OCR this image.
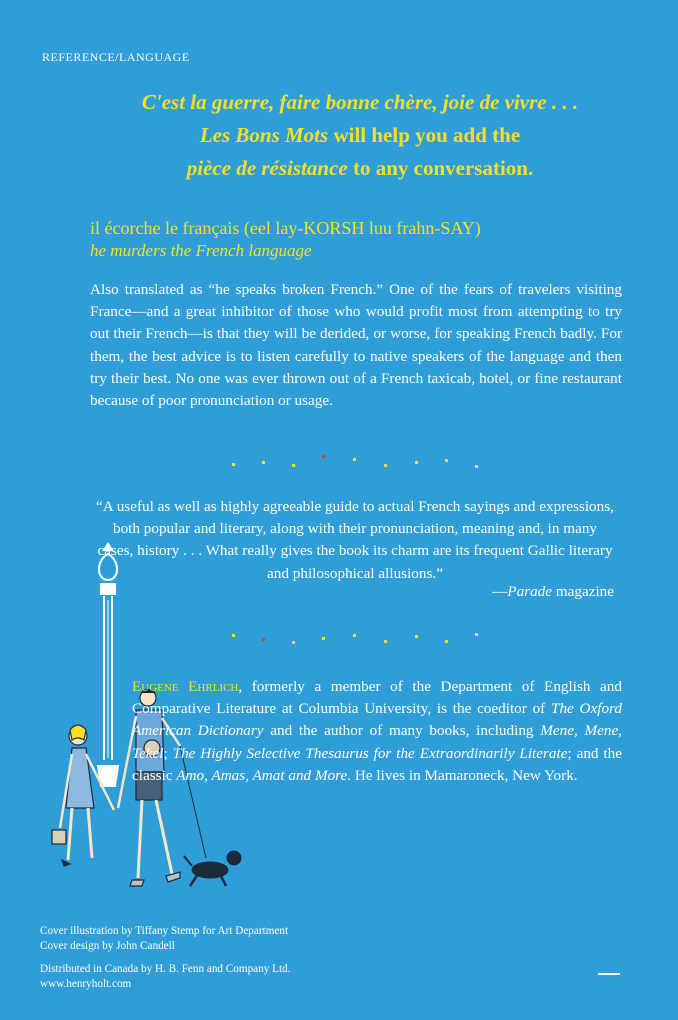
REFERENCE/LANGUAGE
C'est la guerre, faire bonne chère, joie de vivre . . .
Les Bons Mots will help you add the
pièce de résistance to any conversation.
il écorche le français (eel lay-KORSH luu frahn-SAY)
he murders the French language
Also translated as “he speaks broken French.” One of the fears of travelers visiting France—and a great inhibitor of those who would profit most from attempting to try out their French—is that they will be derided, or worse, for speaking French badly. For them, the best advice is to listen carefully to native speakers of the language and then try their best. No one was ever thrown out of a French taxicab, hotel, or fine restaurant because of poor pronunciation or usage.
“A useful as well as highly agreeable guide to actual French sayings and expressions, both popular and literary, along with their pronunciation, meaning and, in many cases, history . . . What really gives the book its charm are its frequent Gallic literary and philosophical allusions.”
—Parade magazine
Eugene Ehrlich, formerly a member of the Department of English and Comparative Literature at Columbia University, is the coeditor of The Oxford American Dictionary and the author of many books, including Mene, Mene, Tekel; The Highly Selective Thesaurus for the Extraordinarily Literate; and the classic Amo, Amas, Amat and More. He lives in Mamaroneck, New York.
Cover illustration by Tiffany Stemp for Art Department
Cover design by John Candell
Distributed in Canada by H. B. Fenn and Company Ltd.
www.henryholt.com
